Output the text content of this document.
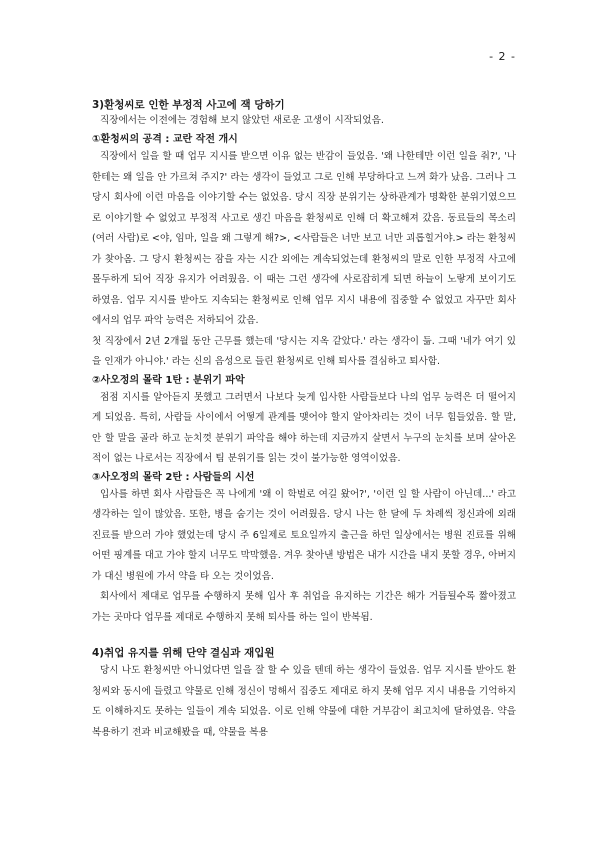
- 2 -

3)환청씨로 인한 부정적 사고에 잭 당하기

직장에서는 이전에는 경험해 보지 않았던 새로운 고생이 시작되었음.

①환청씨의 공격 : 교란 작전 개시

직장에서 일을 할 때 업무 지시를 받으면 이유 없는 반감이 들었음. '왜 나한테만 이런 일을 줘?', '나한테는 왜 일을 안 가르쳐 주지?' 라는 생각이 들었고 그로 인해 부당하다고 느껴 화가 났음. 그러나 그 당시 회사에 이런 마음을 이야기할 수는 없었음. 당시 직장 분위기는 상하관계가 명확한 분위기였으므로 이야기할 수 없었고 부정적 사고로 생긴 마음을 환청씨로 인해 더 확고해져 갔음. 동료들의 목소리(여러 사람)로 <야, 임마, 일을 왜 그렇게 해?>, <사람들은 너만 보고 너만 괴롭힐거야.> 라는 환청씨가 찾아옴. 그 당시 환청씨는 잠을 자는 시간 외에는 계속되었는데 환청씨의 말로 인한 부정적 사고에 몰두하게 되어 직장 유지가 어려웠음. 이 때는 그런 생각에 사로잡히게 되면 하늘이 노랗게 보이기도 하였음. 업무 지시를 받아도 지속되는 환청씨로 인해 업무 지시 내용에 집중할 수 없었고 자꾸만 회사에서의 업무 파악 능력은 저하되어 갔음.

첫 직장에서 2년 2개월 동안 근무를 했는데 '당시는 지옥 같았다.' 라는 생각이 듦. 그때 '네가 여기 있을 인재가 아니야.' 라는 신의 음성으로 들린 환청씨로 인해 퇴사를 결심하고 퇴사함.

②사오정의 몰락 1탄 : 분위기 파악

점점 지시를 알아듣지 못했고 그러면서 나보다 늦게 입사한 사람들보다 나의 업무 능력은 더 떨어지게 되었음. 특히, 사람들 사이에서 어떻게 관계를 맺어야 할지 알아차리는 것이 너무 힘들었음. 할 말, 안 할 말을 골라 하고 눈치껏 분위기 파악을 해야 하는데 지금까지 살면서 누구의 눈치를 보며 살아온 적이 없는 나로서는 직장에서 팀 분위기를 읽는 것이 불가능한 영역이었음.

③사오정의 몰락 2탄 : 사람들의 시선

입사를 하면 회사 사람들은 꼭 나에게 '왜 이 학벌로 여길 왔어?', '이런 일 할 사람이 아닌데...' 라고 생각하는 일이 많았음. 또한, 병을 숨기는 것이 어려웠음. 당시 나는 한 달에 두 차례씩 정신과에 외래진료를 받으러 가야 했었는데 당시 주 6일제로 토요일까지 출근을 하던 일상에서는 병원 진료를 위해 어떤 핑계를 대고 가야 할지 너무도 막막했음. 겨우 찾아낸 방법은 내가 시간을 내지 못할 경우, 아버지가 대신 병원에 가서 약을 타 오는 것이었음.

회사에서 제대로 업무를 수행하지 못해 입사 후 취업을 유지하는 기간은 해가 거듭될수록 짧아졌고 가는 곳마다 업무를 제대로 수행하지 못해 퇴사를 하는 일이 반복됨.

4)취업 유지를 위해 단약 결심과 재입원

당시 나도 환청씨만 아니었다면 일을 잘 할 수 있을 텐데 하는 생각이 들었음. 업무 지시를 받아도 환청씨와 동시에 들렸고 약물로 인해 정신이 멍해서 집중도 제대로 하지 못해 업무 지시 내용을 기억하지도 이해하지도 못하는 일들이 계속 되었음. 이로 인해 약물에 대한 거부감이 최고치에 달하였음. 약을 복용하기 전과 비교해봤을 때, 약물을 복용
